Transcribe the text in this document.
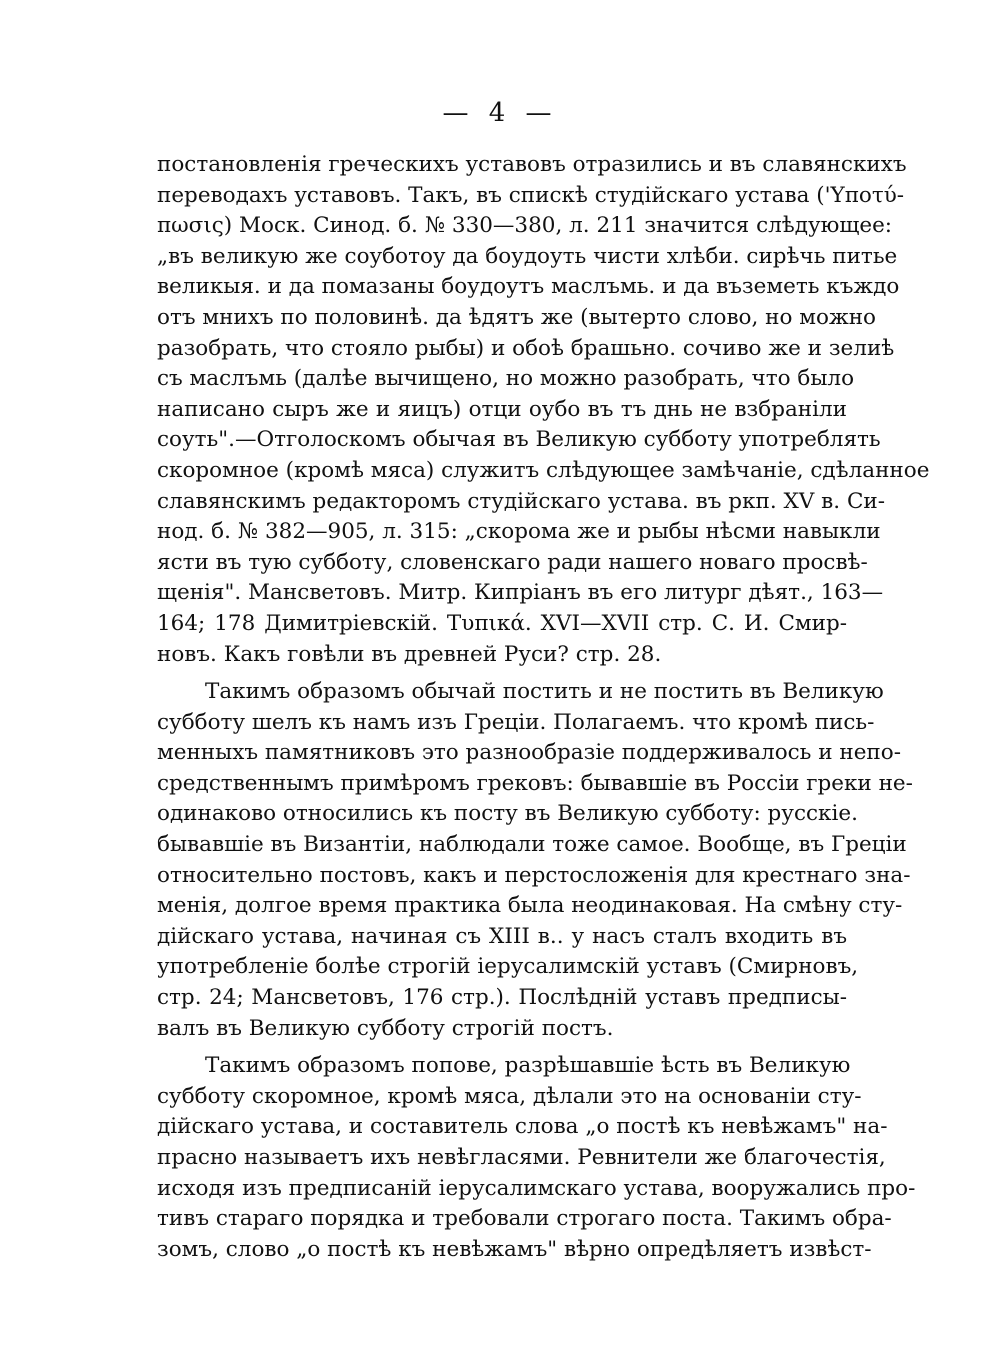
— 4 —
постановленія греческихъ уставовъ отразились и въ славянскихъ
переводахъ уставовъ. Такъ, въ спискѣ студійскаго устава ('Υποτύ-
πωσις) Моск. Синод. б. № 330—380, л. 211 значится слѣдующее:
„въ великую же соуботоу да боудоуть чисти хлѣби. сирѣчь питье
великыя. и да помазаны боудоутъ маслъмь. и да въземеть къждо
отъ мнихъ по половинѣ. да ѣдятъ же (вытерто слово, но можно
разобрать, что стояло рыбы) и обоѣ брашьно. сочиво же и зелиѣ
съ маслъмь (далѣе вычищено, но можно разобрать, что было
написано сыръ же и яицъ) отци оубо въ тъ днь не взбраніли
соуть".—Отголоскомъ обычая въ Великую субботу употреблять
скоромное (кромѣ мяса) служитъ слѣдующее замѣчаніе, сдѣланное
славянскимъ редакторомъ студійскаго устава. въ ркп. XV в. Си-
нод. б. № 382—905, л. 315: „скорома же и рыбы нѣсми навыкли
ясти въ тую субботу, словенскаго ради нашего новаго просвѣ-
щенія". Мансветовъ. Митр. Кипріанъ въ его литург дѣят., 163—
164; 178 Димитріевскій. Τυπικά. XVI—XVII стр. С. И. Смир-
новъ. Какъ говѣли въ древней Руси? стр. 28.
Такимъ образомъ обычай постить и не постить въ Великую
субботу шелъ къ намъ изъ Греціи. Полагаемъ. что кромѣ пись-
менныхъ памятниковъ это разнообразіе поддерживалось и непо-
средственнымъ примѣромъ грековъ: бывавшіе въ Россіи греки не-
одинаково относились къ посту въ Великую субботу: русскіе.
бывавшіе въ Византіи, наблюдали тоже самое. Вообще, въ Греціи
относительно постовъ, какъ и перстосложенія для крестнаго зна-
менія, долгое время практика была неодинаковая. На смѣну сту-
дійскаго устава, начиная съ XIII в.. у насъ сталъ входить въ
употребленіе болѣе строгій іерусалимскій уставъ (Смирновъ,
стр. 24; Мансветовъ, 176 стр.). Послѣдній уставъ предписы-
валъ въ Великую субботу строгій постъ.
Такимъ образомъ попове, разрѣшавшіе ѣсть въ Великую
субботу скоромное, кромѣ мяса, дѣлали это на основаніи сту-
дійскаго устава, и составитель слова „о постѣ къ невѣжамъ" на-
прасно называетъ ихъ невѣгласями. Ревнители же благочестія,
исходя изъ предписаній іерусалимскаго устава, вооружались про-
тивъ стараго порядка и требовали строгаго поста. Такимъ обра-
зомъ, слово „о постѣ къ невѣжамъ" вѣрно опредѣляетъ извѣст-
